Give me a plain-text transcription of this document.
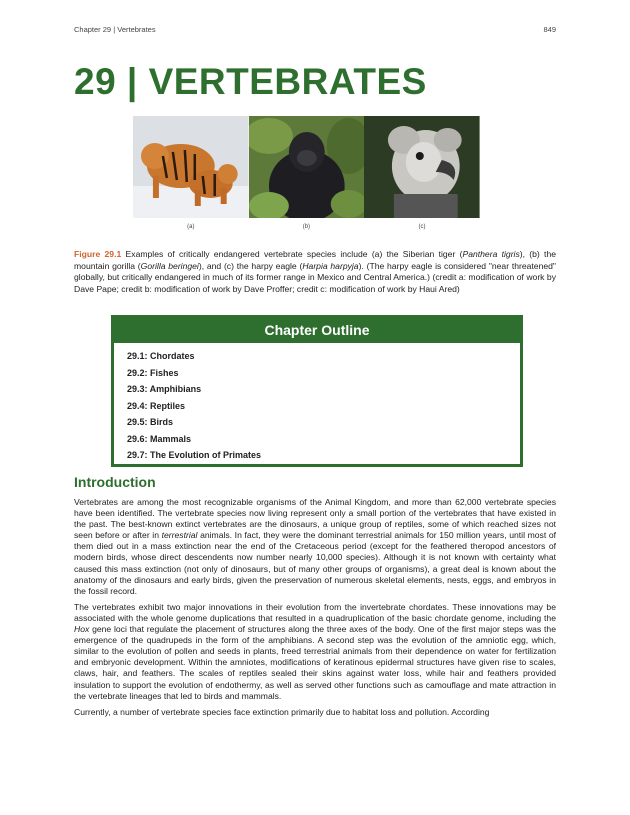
Chapter 29 | Vertebrates	849
29 | VERTEBRATES
(a)	(b)	(c)

Figure 29.1 Examples of critically endangered vertebrate species include (a) the Siberian tiger (Panthera tigris), (b) the mountain gorilla (Gorilla beringei), and (c) the harpy eagle (Harpia harpyja). (The harpy eagle is considered "near threatened" globally, but critically endangered in much of its former range in Mexico and Central America.) (credit a: modification of work by Dave Pape; credit b: modification of work by Dave Proffer; credit c: modification of work by Haui Ared)

Chapter Outline
29.1: Chordates
29.2: Fishes
29.3: Amphibians
29.4: Reptiles
29.5: Birds
29.6: Mammals
29.7: The Evolution of Primates
Introduction

Vertebrates are among the most recognizable organisms of the Animal Kingdom, and more than 62,000 vertebrate species have been identified. The vertebrate species now living represent only a small portion of the vertebrates that have existed in the past. The best-known extinct vertebrates are the dinosaurs, a unique group of reptiles, some of which reached sizes not seen before or after in terrestrial animals. In fact, they were the dominant terrestrial animals for 150 million years, until most of them died out in a mass extinction near the end of the Cretaceous period (except for the feathered theropod ancestors of modern birds, whose direct descendents now number nearly 10,000 species). Although it is not known with certainty what caused this mass extinction (not only of dinosaurs, but of many other groups of organisms), a great deal is known about the anatomy of the dinosaurs and early birds, given the preservation of numerous skeletal elements, nests, eggs, and embryos in the fossil record.

The vertebrates exhibit two major innovations in their evolution from the invertebrate chordates. These innovations may be associated with the whole genome duplications that resulted in a quadruplication of the basic chordate genome, including the Hox gene loci that regulate the placement of structures along the three axes of the body. One of the first major steps was the emergence of the quadrupeds in the form of the amphibians. A second step was the evolution of the amniotic egg, which, similar to the evolution of pollen and seeds in plants, freed terrestrial animals from their dependence on water for fertilization and embryonic development. Within the amniotes, modifications of keratinous epidermal structures have given rise to scales, claws, hair, and feathers. The scales of reptiles sealed their skins against water loss, while hair and feathers provided insulation to support the evolution of endothermy, as well as served other functions such as camouflage and mate attraction in the vertebrate lineages that led to birds and mammals.

Currently, a number of vertebrate species face extinction primarily due to habitat loss and pollution. According
